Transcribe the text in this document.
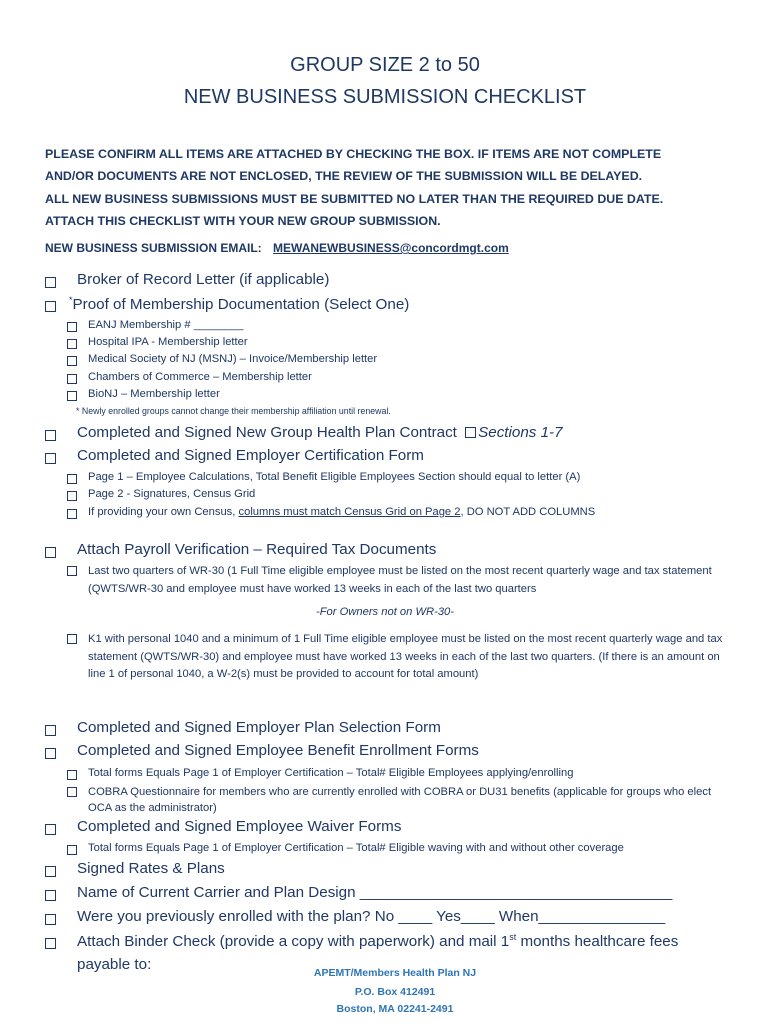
GROUP SIZE 2 to 50
NEW BUSINESS SUBMISSION CHECKLIST
PLEASE CONFIRM ALL ITEMS ARE ATTACHED BY CHECKING THE BOX. IF ITEMS ARE NOT COMPLETE
AND/OR DOCUMENTS ARE NOT ENCLOSED, THE REVIEW OF THE SUBMISSION WILL BE DELAYED.
ALL NEW BUSINESS SUBMISSIONS MUST BE SUBMITTED NO LATER THAN THE REQUIRED DUE DATE.
ATTACH THIS CHECKLIST WITH YOUR NEW GROUP SUBMISSION.
NEW BUSINESS SUBMISSION EMAIL: MEWANEWBUSINESS@concordmgt.com
Broker of Record Letter (if applicable)
*Proof of Membership Documentation (Select One)
EANJ Membership # ________
Hospital IPA - Membership letter
Medical Society of NJ (MSNJ) – Invoice/Membership letter
Chambers of Commerce – Membership letter
BioNJ – Membership letter
* Newly enrolled groups cannot change their membership affiliation until renewal.
Completed and Signed New Group Health Plan Contract Sections 1-7
Completed and Signed Employer Certification Form
Page 1 – Employee Calculations, Total Benefit Eligible Employees Section should equal to letter (A)
Page 2 - Signatures, Census Grid
If providing your own Census, columns must match Census Grid on Page 2, DO NOT ADD COLUMNS
Attach Payroll Verification – Required Tax Documents
Last two quarters of WR-30 (1 Full Time eligible employee must be listed on the most recent quarterly wage and tax statement (QWTS/WR-30 and employee must have worked 13 weeks in each of the last two quarters
-For Owners not on WR-30-
K1 with personal 1040 and a minimum of 1 Full Time eligible employee must be listed on the most recent quarterly wage and tax statement (QWTS/WR-30) and employee must have worked 13 weeks in each of the last two quarters. (If there is an amount on line 1 of personal 1040, a W-2(s) must be provided to account for total amount)
Completed and Signed Employer Plan Selection Form
Completed and Signed Employee Benefit Enrollment Forms
Total forms Equals Page 1 of Employer Certification – Total# Eligible Employees applying/enrolling
COBRA Questionnaire for members who are currently enrolled with COBRA or DU31 benefits (applicable for groups who elect OCA as the administrator)
Completed and Signed Employee Waiver Forms
Total forms Equals Page 1 of Employer Certification – Total# Eligible waving with and without other coverage
Signed Rates & Plans
Name of Current Carrier and Plan Design _____________________________________
Were you previously enrolled with the plan? No ____ Yes____ When_______________
Attach Binder Check (provide a copy with paperwork) and mail 1st months healthcare fees
payable to:	APEMT/Members Health Plan NJ
P.O. Box 412491
Boston, MA 02241-2491
